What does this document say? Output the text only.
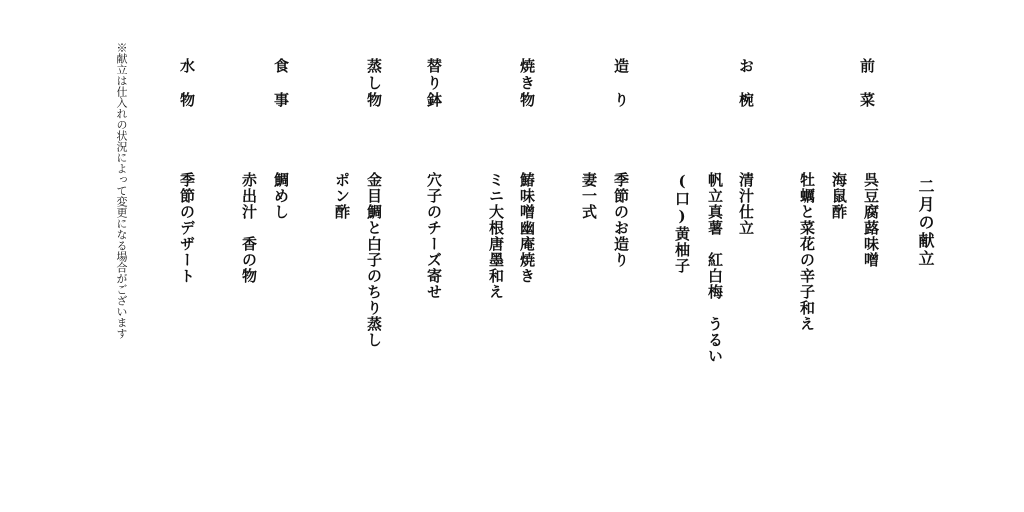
二月の献立
前　菜
呉豆腐蕗味噌
海鼠酢
牡蠣と菜花の辛子和え
お　椀
清汁仕立
帆立真薯　紅白梅　うるい
(口)黄柚子
造　り
季節のお造り
妻一式
焼き物
鰆味噌幽庵焼き
ミニ大根唐墨和え
替り鉢
穴子のチーズ寄せ
蒸し物
金目鯛と白子のちり蒸し
ポン酢
食　事
鯛めし
赤出汁　香の物
水　物
季節のデザート
※献立は仕入れの状況によって変更になる場合がございます
